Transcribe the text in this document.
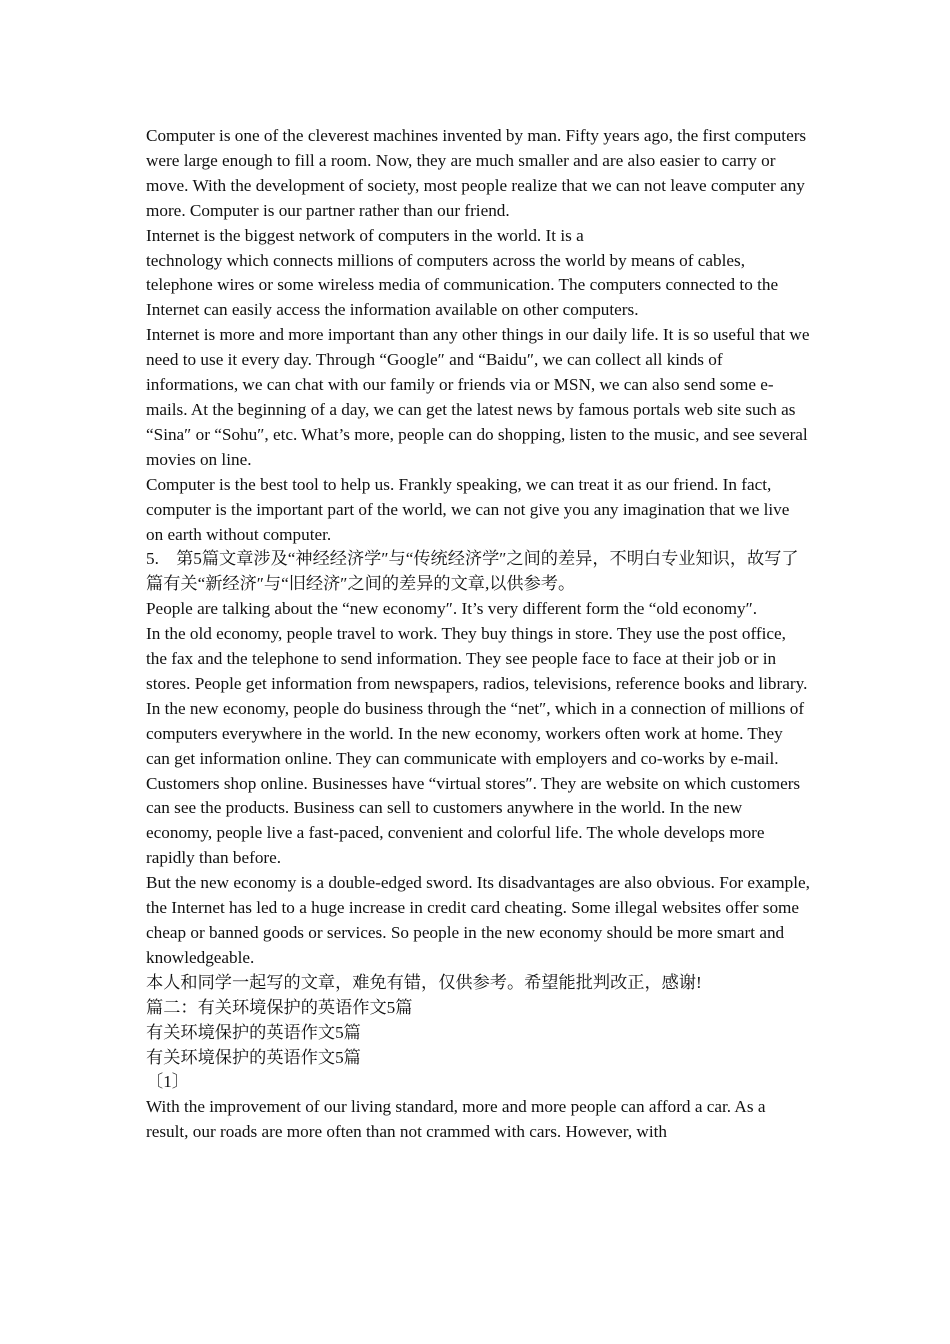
Computer is one of the cleverest machines invented by man. Fifty years ago, the first computers were large enough to fill a room. Now, they are much smaller and are also easier to carry or move. With the development of society, most people realize that we can not leave computer any more. Computer is our partner rather than our friend.

Internet is the biggest network of computers in the world. It is a

technology which connects millions of computers across the world by means of cables, telephone wires or some wireless media of communication. The computers connected to the Internet can easily access the information available on other computers.

Internet is more and more important than any other things in our daily life. It is so useful that we need to use it every day. Through “Google″ and “Baidu″, we can collect all kinds of informations, we can chat with our family or friends via or MSN, we can also send some e-mails. At the beginning of a day, we can get the latest news by famous portals web site such as “Sina″ or “Sohu″, etc. What’s more, people can do shopping, listen to the music, and see several movies on line.

Computer is the best tool to help us. Frankly speaking, we can treat it as our friend. In fact, computer is the important part of the world, we can not give you any imagination that we live on earth without computer.

5.　第5篇文章涉及“神经经济学″与“传统经济学″之间的差异，不明白专业知识，故写了篇有关“新经济″与“旧经济″之间的差异的文章,以供参考。

People are talking about the “new economy″. It’s very different form the “old economy″.

In the old economy, people travel to work. They buy things in store. They use the post office, the fax and the telephone to send information. They see people face to face at their job or in stores. People get information from newspapers, radios, televisions, reference books and library.

In the new economy, people do business through the “net″, which in a connection of millions of computers everywhere in the world. In the new economy, workers often work at home. They can get information online. They can communicate with employers and co-works by e-mail. Customers shop online. Businesses have “virtual stores″. They are website on which customers can see the products. Business can sell to customers anywhere in the world. In the new economy, people live a fast-paced, convenient and colorful life. The whole develops more rapidly than before.

But the new economy is a double-edged sword. Its disadvantages are also obvious. For example, the Internet has led to a huge increase in credit card cheating. Some illegal websites offer some cheap or banned goods or services. So people in the new economy should be more smart and knowledgeable.

本人和同学一起写的文章，难免有错，仅供参考。希望能批判改正，感谢!

篇二：有关环境保护的英语作文5篇

有关环境保护的英语作文5篇

有关环境保护的英语作文5篇

〔1〕

With the improvement of our living standard, more and more people can afford a car. As a result, our roads are more often than not crammed with cars. However, with
